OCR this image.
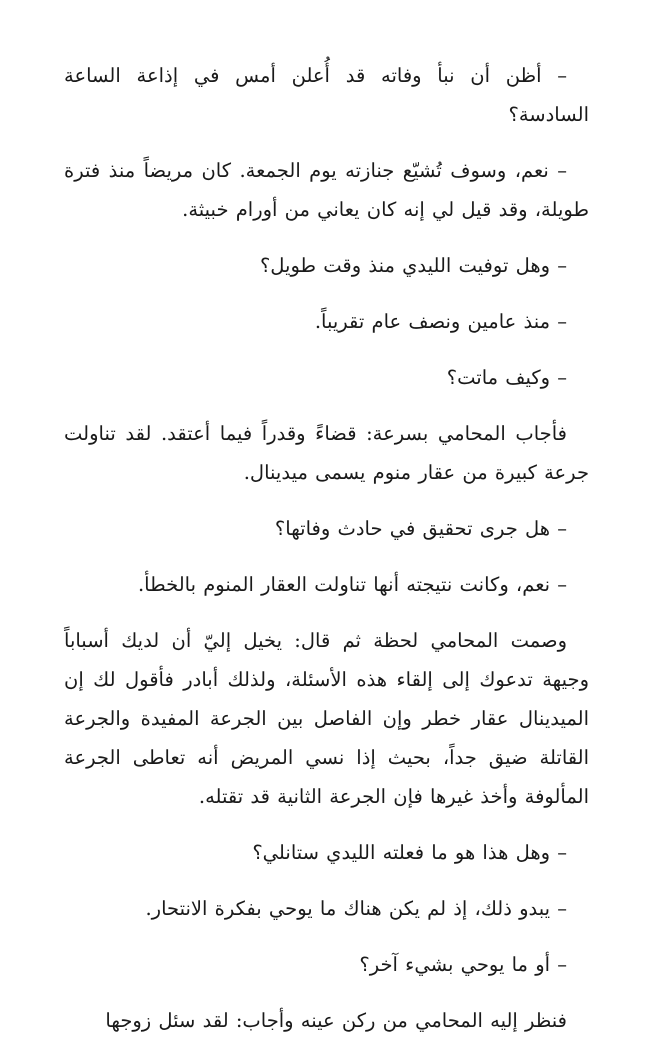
– أظن أن نبأ وفاته قد أُعلن أمس في إذاعة الساعة السادسة؟

– نعم، وسوف تُشيّع جنازته يوم الجمعة. كان مريضاً منذ فترة طويلة، وقد قيل لي إنه كان يعاني من أورام خبيثة.

– وهل توفيت الليدي منذ وقت طويل؟

– منذ عامين ونصف عام تقريباً.

– وكيف ماتت؟

فأجاب المحامي بسرعة: قضاءً وقدراً فيما أعتقد. لقد تناولت جرعة كبيرة من عقار منوم يسمى ميدينال.

– هل جرى تحقيق في حادث وفاتها؟

– نعم، وكانت نتيجته أنها تناولت العقار المنوم بالخطأ.

وصمت المحامي لحظة ثم قال: يخيل إليّ أن لديك أسباباً وجيهة تدعوك إلى إلقاء هذه الأسئلة، ولذلك أبادر فأقول لك إن الميدينال عقار خطر وإن الفاصل بين الجرعة المفيدة والجرعة القاتلة ضيق جداً، بحيث إذا نسي المريض أنه تعاطى الجرعة المألوفة وأخذ غيرها فإن الجرعة الثانية قد تقتله.

– وهل هذا هو ما فعلته الليدي ستانلي؟

– يبدو ذلك، إذ لم يكن هناك ما يوحي بفكرة الانتحار.

– أو ما يوحي بشيء آخر؟

فنظر إليه المحامي من ركن عينه وأجاب: لقد سئل زوجها
